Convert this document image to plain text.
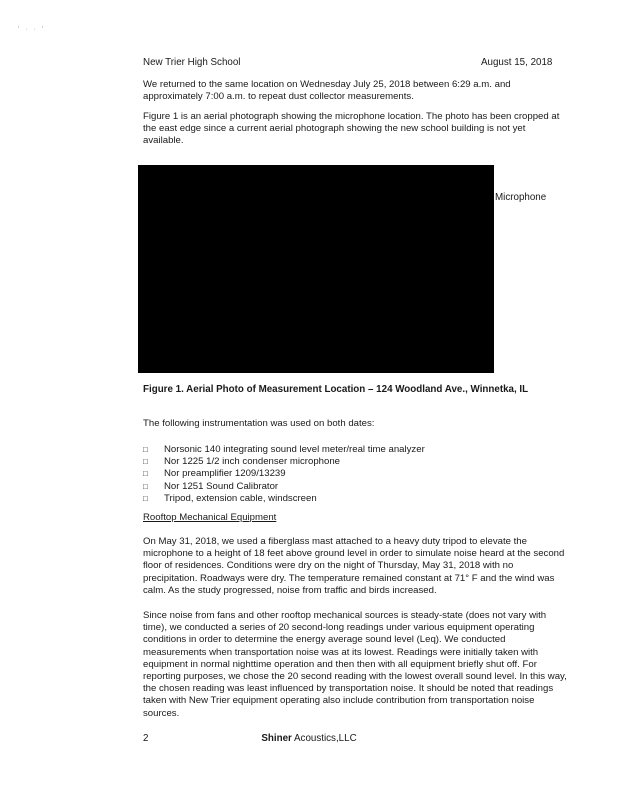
' · · '
New Trier High School	August 15, 2018
We returned to the same location on Wednesday July 25, 2018 between 6:29 a.m. and approximately 7:00 a.m. to repeat dust collector measurements.
Figure 1 is an aerial photograph showing the microphone location. The photo has been cropped at the east edge since a current aerial photograph showing the new school building is not yet available.
Microphone
Figure 1. Aerial Photo of Measurement Location – 124 Woodland Ave., Winnetka, IL
The following instrumentation was used on both dates:
□ Norsonic 140 integrating sound level meter/real time analyzer
□ Nor 1225 1/2 inch condenser microphone
□ Nor preamplifier 1209/13239
□ Nor 1251 Sound Calibrator
□ Tripod, extension cable, windscreen
Rooftop Mechanical Equipment
On May 31, 2018, we used a fiberglass mast attached to a heavy duty tripod to elevate the microphone to a height of 18 feet above ground level in order to simulate noise heard at the second floor of residences. Conditions were dry on the night of Thursday, May 31, 2018 with no precipitation. Roadways were dry. The temperature remained constant at 71° F and the wind was calm. As the study progressed, noise from traffic and birds increased.
Since noise from fans and other rooftop mechanical sources is steady-state (does not vary with time), we conducted a series of 20 second-long readings under various equipment operating conditions in order to determine the energy average sound level (Leq). We conducted measurements when transportation noise was at its lowest. Readings were initially taken with equipment in normal nighttime operation and then then with all equipment briefly shut off. For reporting purposes, we chose the 20 second reading with the lowest overall sound level. In this way, the chosen reading was least influenced by transportation noise. It should be noted that readings taken with New Trier equipment operating also include contribution from transportation noise sources.
Shiner Acoustics,LLC
2
